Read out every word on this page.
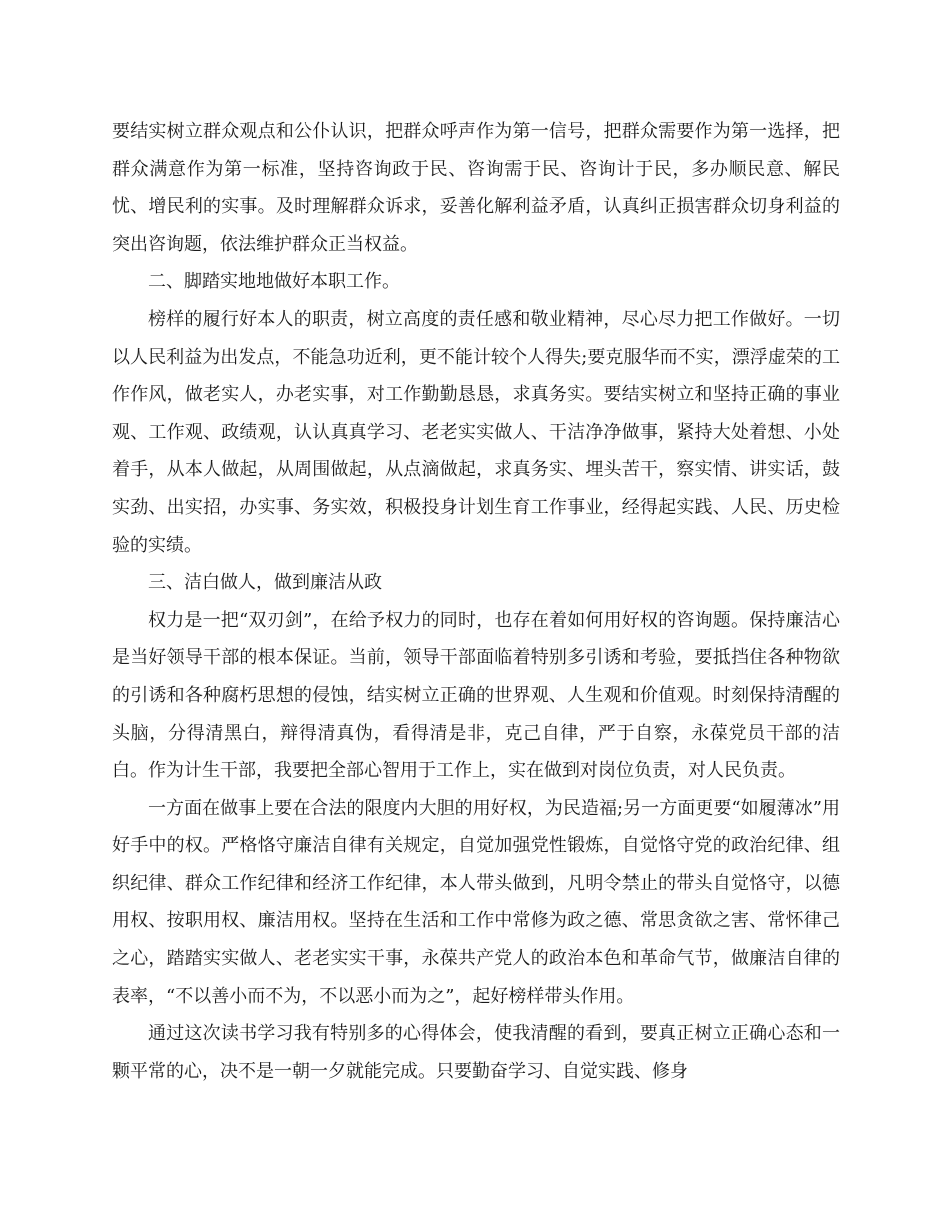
要结实树立群众观点和公仆认识，把群众呼声作为第一信号，把群众需要作为第一选择，把群众满意作为第一标准，坚持咨询政于民、咨询需于民、咨询计于民，多办顺民意、解民忧、增民利的实事。及时理解群众诉求，妥善化解利益矛盾，认真纠正损害群众切身利益的突出咨询题，依法维护群众正当权益。

二、脚踏实地地做好本职工作。

榜样的履行好本人的职责，树立高度的责任感和敬业精神，尽心尽力把工作做好。一切以人民利益为出发点，不能急功近利，更不能计较个人得失;要克服华而不实，漂浮虚荣的工作作风，做老实人，办老实事，对工作勤勤恳恳，求真务实。要结实树立和坚持正确的事业观、工作观、政绩观，认认真真学习、老老实实做人、干洁净净做事，紧持大处着想、小处着手，从本人做起，从周围做起，从点滴做起，求真务实、埋头苦干，察实情、讲实话，鼓实劲、出实招，办实事、务实效，积极投身计划生育工作事业，经得起实践、人民、历史检验的实绩。

三、洁白做人，做到廉洁从政

权力是一把“双刃剑”，在给予权力的同时，也存在着如何用好权的咨询题。保持廉洁心是当好领导干部的根本保证。当前，领导干部面临着特别多引诱和考验，要抵挡住各种物欲的引诱和各种腐朽思想的侵蚀，结实树立正确的世界观、人生观和价值观。时刻保持清醒的头脑，分得清黑白，辩得清真伪，看得清是非，克己自律，严于自察，永葆党员干部的洁白。作为计生干部，我要把全部心智用于工作上，实在做到对岗位负责，对人民负责。

一方面在做事上要在合法的限度内大胆的用好权，为民造福;另一方面更要“如履薄冰”用好手中的权。严格恪守廉洁自律有关规定，自觉加强党性锻炼，自觉恪守党的政治纪律、组织纪律、群众工作纪律和经济工作纪律，本人带头做到，凡明令禁止的带头自觉恪守，以德用权、按职用权、廉洁用权。坚持在生活和工作中常修为政之德、常思贪欲之害、常怀律己之心，踏踏实实做人、老老实实干事，永葆共产党人的政治本色和革命气节，做廉洁自律的表率，“不以善小而不为，不以恶小而为之”，起好榜样带头作用。

通过这次读书学习我有特别多的心得体会，使我清醒的看到，要真正树立正确心态和一颗平常的心，决不是一朝一夕就能完成。只要勤奋学习、自觉实践、修身
